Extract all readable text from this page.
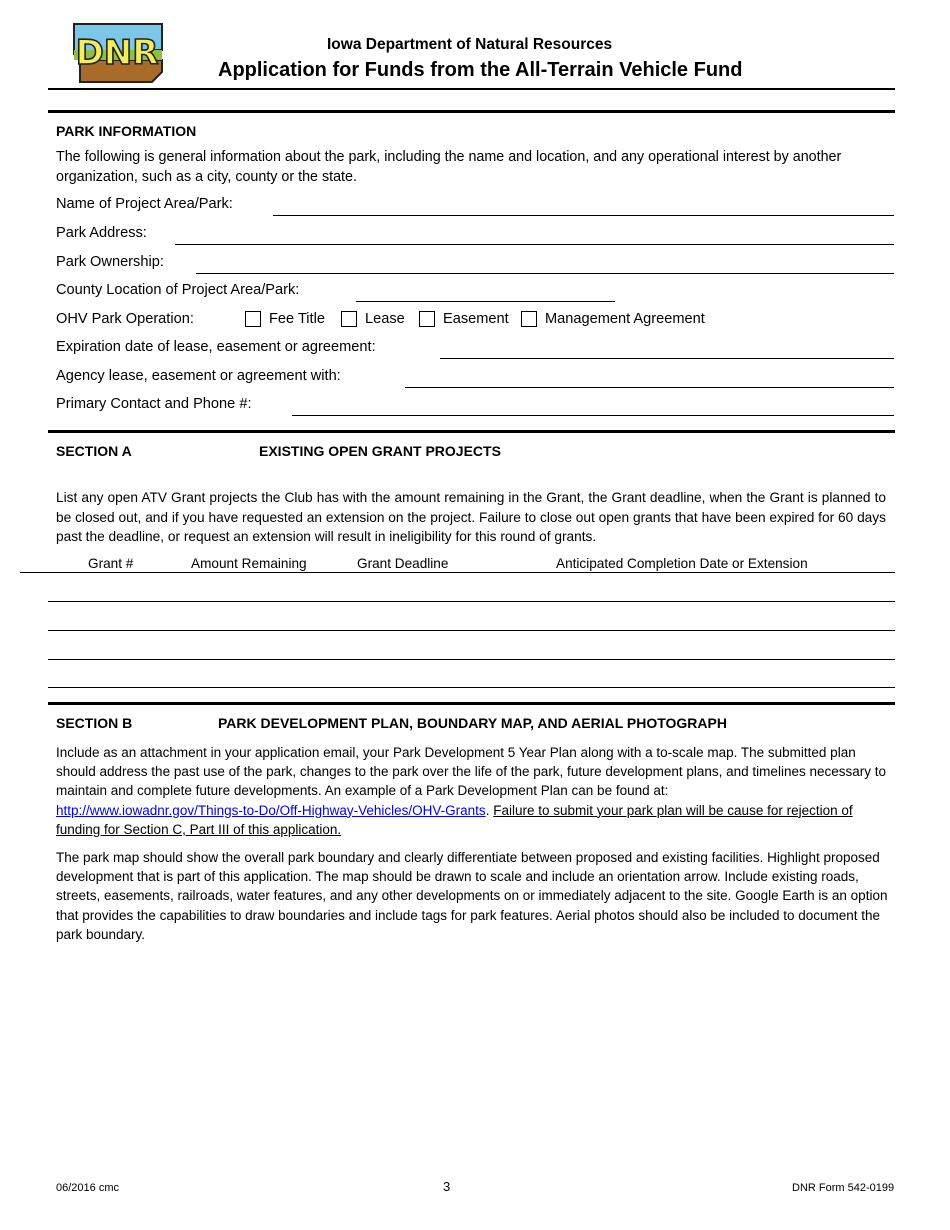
DNR	Iowa Department of Natural Resources
Application for Funds from the All-Terrain Vehicle Fund
PARK INFORMATION
The following is general information about the park, including the name and location, and any operational interest by another organization, such as a city, county or the state.
Name of Project Area/Park:
Park Address:
Park Ownership:
County Location of Project Area/Park:
OHV Park Operation:	Fee Title	Lease	Easement	Management Agreement
Expiration date of lease, easement or agreement:
Agency lease, easement or agreement with:
Primary Contact and Phone #:
SECTION A	EXISTING OPEN GRANT PROJECTS
List any open ATV Grant projects the Club has with the amount remaining in the Grant, the Grant deadline, when the Grant is planned to be closed out, and if you have requested an extension on the project. Failure to close out open grants that have been expired for 60 days past the deadline, or request an extension will result in ineligibility for this round of grants.
Grant #	Amount Remaining	Grant Deadline	Anticipated Completion Date or Extension
SECTION B	PARK DEVELOPMENT PLAN, BOUNDARY MAP, AND AERIAL PHOTOGRAPH
Include as an attachment in your application email, your Park Development 5 Year Plan along with a to-scale map. The submitted plan should address the past use of the park, changes to the park over the life of the park, future development plans, and timelines necessary to maintain and complete future developments. An example of a Park Development Plan can be found at:
http://www.iowadnr.gov/Things-to-Do/Off-Highway-Vehicles/OHV-Grants. Failure to submit your park plan will be cause for rejection of funding for Section C, Part III of this application.
The park map should show the overall park boundary and clearly differentiate between proposed and existing facilities. Highlight proposed development that is part of this application. The map should be drawn to scale and include an orientation arrow. Include existing roads, streets, easements, railroads, water features, and any other developments on or immediately adjacent to the site. Google Earth is an option that provides the capabilities to draw boundaries and include tags for park features. Aerial photos should also be included to document the park boundary.
06/2016 cmc	3	DNR Form 542-0199
